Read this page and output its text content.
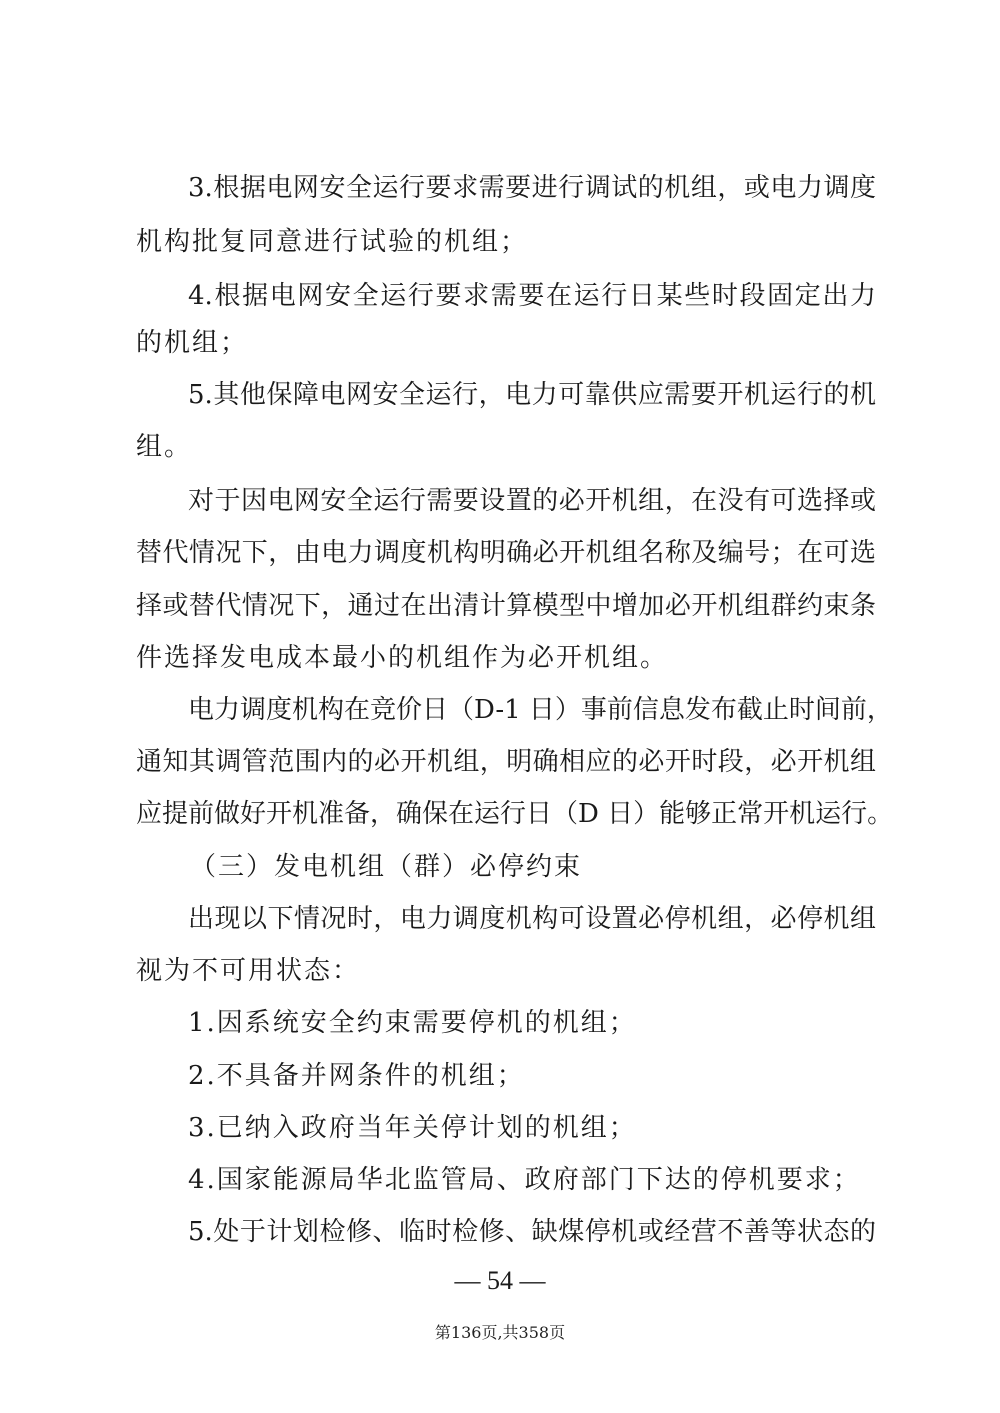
3.根据电网安全运行要求需要进行调试的机组，或电力调度
机构批复同意进行试验的机组；
4.根据电网安全运行要求需要在运行日某些时段固定出力
的机组；
5.其他保障电网安全运行，电力可靠供应需要开机运行的机
组。
对于因电网安全运行需要设置的必开机组，在没有可选择或
替代情况下，由电力调度机构明确必开机组名称及编号；在可选
择或替代情况下，通过在出清计算模型中增加必开机组群约束条
件选择发电成本最小的机组作为必开机组。
电力调度机构在竞价日（D-1 日）事前信息发布截止时间前，
通知其调管范围内的必开机组，明确相应的必开时段，必开机组
应提前做好开机准备，确保在运行日（D 日）能够正常开机运行。
（三）发电机组（群）必停约束
出现以下情况时，电力调度机构可设置必停机组，必停机组
视为不可用状态：
1.因系统安全约束需要停机的机组；
2.不具备并网条件的机组；
3.已纳入政府当年关停计划的机组；
4.国家能源局华北监管局、政府部门下达的停机要求；
5.处于计划检修、临时检修、缺煤停机或经营不善等状态的
— 54 —
第136页,共358页
